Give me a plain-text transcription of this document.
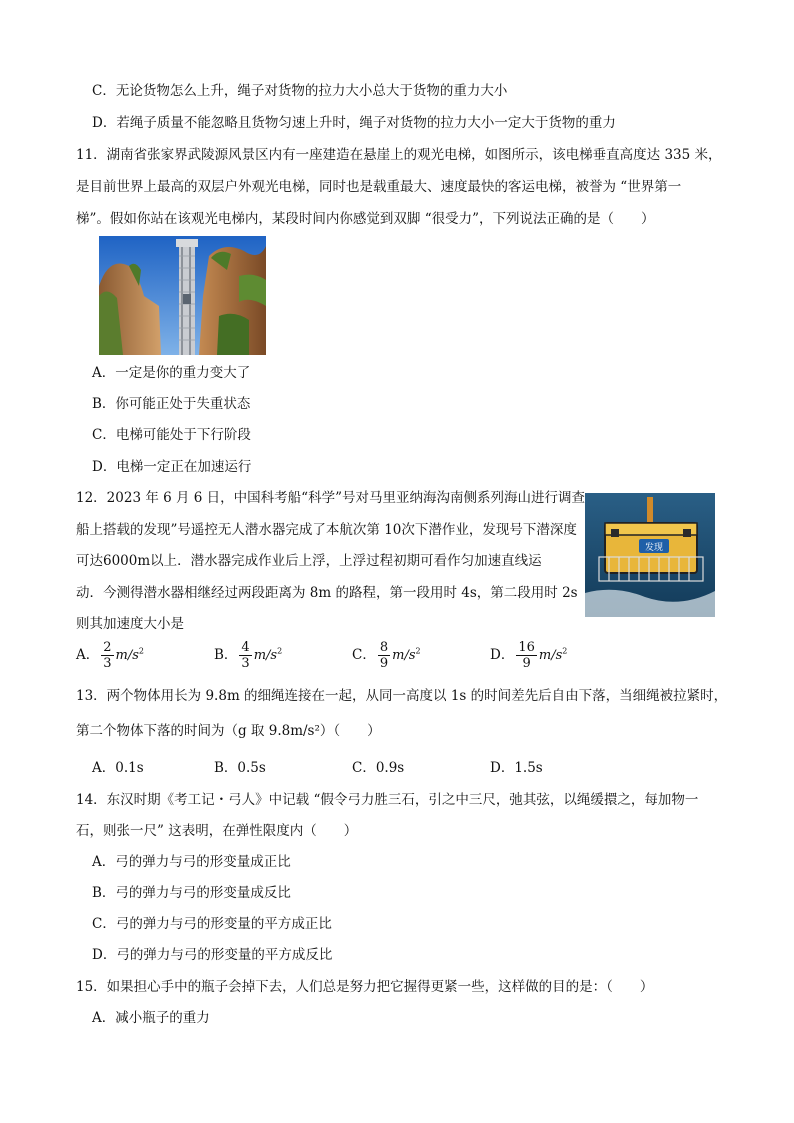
C．无论货物怎么上升，绳子对货物的拉力大小总大于货物的重力大小
D．若绳子质量不能忽略且货物匀速上升时，绳子对货物的拉力大小一定大于货物的重力
11．湖南省张家界武陵源风景区内有一座建造在悬崖上的观光电梯，如图所示，该电梯垂直高度达 335 米，
是目前世界上最高的双层户外观光电梯，同时也是载重最大、速度最快的客运电梯，被誉为 “世界第一
梯”。假如你站在该观光电梯内，某段时间内你感觉到双脚 “很受力”，下列说法正确的是（　　）
A．一定是你的重力变大了
B．你可能正处于失重状态
C．电梯可能处于下行阶段
D．电梯一定正在加速运行
12．2023 年 6 月 6 日，中国科考船“科学”号对马里亚纳海沟南侧系列海山进行调查
船上搭载的发现”号遥控无人潜水器完成了本航次第 10次下潜作业，发现号下潜深度
可达6000m以上．潜水器完成作业后上浮，上浮过程初期可看作匀加速直线运
动．今测得潜水器相继经过两段距离为 8m 的路程，第一段用时 4s，第二段用时 2s
则其加速度大小是
发现
A． $\frac{2}{3} m/s^2$	B． $\frac{4}{3} m/s^2$	C． $\frac{8}{9} m/s^2$	D． $\frac{16}{9} m/s^2$
13．两个物体用长为 9.8m 的细绳连接在一起，从同一高度以 1s 的时间差先后自由下落，当细绳被拉紧时，
第二个物体下落的时间为（g 取 9.8m/s²）（　　）
A．0.1s	B．0.5s	C．0.9s	D．1.5s
14．东汉时期《考工记・弓人》中记载 “假令弓力胜三石，引之中三尺，弛其弦，以绳缓擐之，每加物一
石，则张一尺” 这表明，在弹性限度内（　　）
A．弓的弹力与弓的形变量成正比
B．弓的弹力与弓的形变量成反比
C．弓的弹力与弓的形变量的平方成正比
D．弓的弹力与弓的形变量的平方成反比
15．如果担心手中的瓶子会掉下去，人们总是努力把它握得更紧一些，这样做的目的是：（　　）
A．减小瓶子的重力
